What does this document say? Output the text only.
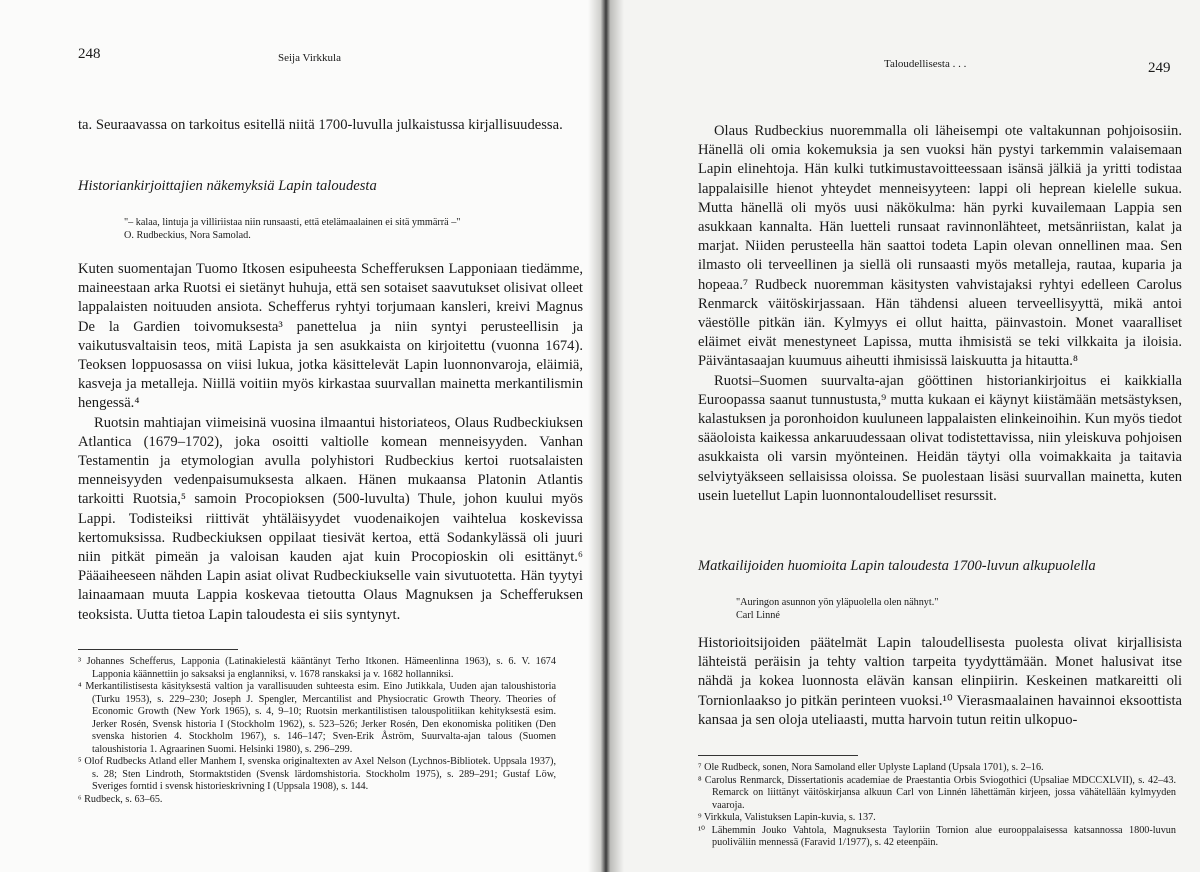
248	Seija Virkkula

ta. Seuraavassa on tarkoitus esitellä niitä 1700-luvulla julkaistussa kirjallisuudessa.

Historiankirjoittajien näkemyksiä Lapin taloudesta
"– kalaa, lintuja ja villiriistaa niin runsaasti, että etelämaalainen ei sitä ymmärrä –"
O. Rudbeckius, Nora Samolad.

Kuten suomentajan Tuomo Itkosen esipuheesta Schefferuksen Lapponiaan tiedämme, maineestaan arka Ruotsi ei sietänyt huhuja, että sen sotaiset saavutukset olisivat olleet lappalaisten noituuden ansiota. Schefferus ryhtyi torjumaan kansleri, kreivi Magnus De la Gardien toivomuksesta³ panettelua ja niin syntyi perusteellisin ja vaikutusvaltaisin teos, mitä Lapista ja sen asukkaista on kirjoitettu (vuonna 1674). Teoksen loppuosassa on viisi lukua, jotka käsittelevät Lapin luonnonvaroja, eläimiä, kasveja ja metalleja. Niillä voitiin myös kirkastaa suurvallan mainetta merkantilismin hengessä.⁴

Ruotsin mahtiajan viimeisinä vuosina ilmaantui historiateos, Olaus Rudbeckiuksen Atlantica (1679–1702), joka osoitti valtiolle komean menneisyyden. Vanhan Testamentin ja etymologian avulla polyhistori Rudbeckius kertoi ruotsalaisten menneisyyden vedenpaisumuksesta alkaen. Hänen mukaansa Platonin Atlantis tarkoitti Ruotsia,⁵ samoin Procopioksen (500-luvulta) Thule, johon kuului myös Lappi. Todisteiksi riittivät yhtäläisyydet vuodenaikojen vaihtelua koskevissa kertomuksissa. Rudbeckiuksen oppilaat tiesivät kertoa, että Sodankylässä oli juuri niin pitkät pimeän ja valoisan kauden ajat kuin Procopioskin oli esittänyt.⁶ Pääaiheeseen nähden Lapin asiat olivat Rudbeckiukselle vain sivutuotetta. Hän tyytyi lainaamaan muuta Lappia koskevaa tietoutta Olaus Magnuksen ja Schefferuksen teoksista. Uutta tietoa Lapin taloudesta ei siis syntynyt.

³ Johannes Schefferus, Lapponia (Latinakielestä kääntänyt Terho Itkonen. Hämeenlinna 1963), s. 6. V. 1674 Lapponia käännettiin jo saksaksi ja englanniksi, v. 1678 ranskaksi ja v. 1682 hollanniksi.

⁴ Merkantilistisesta käsityksestä valtion ja varallisuuden suhteesta esim. Eino Jutikkala, Uuden ajan taloushistoria (Turku 1953), s. 229–230; Joseph J. Spengler, Mercantilist and Physiocratic Growth Theory. Theories of Economic Growth (New York 1965), s. 4, 9–10; Ruotsin merkantilistisen talouspolitiikan kehityksestä esim. Jerker Rosén, Svensk historia I (Stockholm 1962), s. 523–526; Jerker Rosén, Den ekonomiska politiken (Den svenska historien 4. Stockholm 1967), s. 146–147; Sven-Erik Åström, Suurvalta-ajan talous (Suomen taloushistoria 1. Agraarinen Suomi. Helsinki 1980), s. 296–299.

⁵ Olof Rudbecks Atland eller Manhem I, svenska originaltexten av Axel Nelson (Lychnos-Bibliotek. Uppsala 1937), s. 28; Sten Lindroth, Stormaktstiden (Svensk lärdomshistoria. Stockholm 1975), s. 289–291; Gustaf Löw, Sveriges forntid i svensk historieskrivning I (Uppsala 1908), s. 144.

⁶ Rudbeck, s. 63–65.

Taloudellisesta . . .	249

Olaus Rudbeckius nuoremmalla oli läheisempi ote valtakunnan pohjoisosiin. Hänellä oli omia kokemuksia ja sen vuoksi hän pystyi tarkemmin valaisemaan Lapin elinehtoja. Hän kulki tutkimustavoitteessaan isänsä jälkiä ja yritti todistaa lappalaisille hienot yhteydet menneisyyteen: lappi oli heprean kielelle sukua. Mutta hänellä oli myös uusi näkökulma: hän pyrki kuvailemaan Lappia sen asukkaan kannalta. Hän luetteli runsaat ravinnonlähteet, metsänriistan, kalat ja marjat. Niiden perusteella hän saattoi todeta Lapin olevan onnellinen maa. Sen ilmasto oli terveellinen ja siellä oli runsaasti myös metalleja, rautaa, kuparia ja hopeaa.⁷ Rudbeck nuoremman käsitysten vahvistajaksi ryhtyi edelleen Carolus Renmarck väitöskirjassaan. Hän tähdensi alueen terveellisyyttä, mikä antoi väestölle pitkän iän. Kylmyys ei ollut haitta, päinvastoin. Monet vaaralliset eläimet eivät menestyneet Lapissa, mutta ihmisistä se teki vilkkaita ja iloisia. Päiväntasaajan kuumuus aiheutti ihmisissä laiskuutta ja hitautta.⁸

Ruotsi–Suomen suurvalta-ajan gööttinen historiankirjoitus ei kaikkialla Euroopassa saanut tunnustusta,⁹ mutta kukaan ei käynyt kiistämään metsästyksen, kalastuksen ja poronhoidon kuuluneen lappalaisten elinkeinoihin. Kun myös tiedot sääoloista kaikessa ankaruudessaan olivat todistettavissa, niin yleiskuva pohjoisen asukkaista oli varsin myönteinen. Heidän täytyi olla voimakkaita ja taitavia selviytyäkseen sellaisissa oloissa. Se puolestaan lisäsi suurvallan mainetta, kuten usein luetellut Lapin luonnontaloudelliset resurssit.

Matkailijoiden huomioita Lapin taloudesta 1700-luvun alkupuolella
"Auringon asunnon yön yläpuolella olen nähnyt."
Carl Linné

Historioitsijoiden päätelmät Lapin taloudellisesta puolesta olivat kirjallisista lähteistä peräisin ja tehty valtion tarpeita tyydyttämään. Monet halusivat itse nähdä ja kokea luonnosta elävän kansan elinpiirin. Keskeinen matkareitti oli Tornionlaakso jo pitkän perinteen vuoksi.¹⁰ Vierasmaalainen havainnoi eksoottista kansaa ja sen oloja uteliaasti, mutta harvoin tutun reitin ulkopuo-

⁷ Ole Rudbeck, sonen, Nora Samoland eller Uplyste Lapland (Upsala 1701), s. 2–16.

⁸ Carolus Renmarck, Dissertationis academiae de Praestantia Orbis Sviogothici (Upsaliae MDCCXLVII), s. 42–43. Remarck on liittänyt väitöskirjansa alkuun Carl von Linnén lähettämän kirjeen, jossa vähätellään kylmyyden vaaroja.

⁹ Virkkula, Valistuksen Lapin-kuvia, s. 137.

¹⁰ Lähemmin Jouko Vahtola, Magnuksesta Tayloriin Tornion alue eurooppalaisessa katsannossa 1800-luvun puoliväliin mennessä (Faravid 1/1977), s. 42 eteenpäin.
